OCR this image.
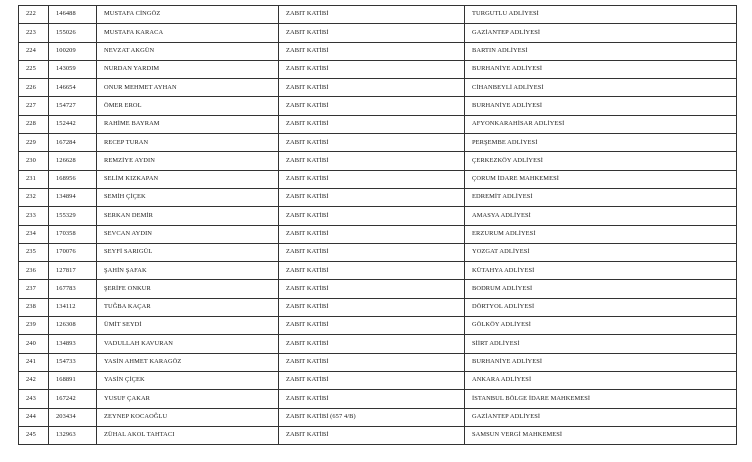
222	146488	MUSTAFA CİNGÖZ	ZABIT KATİBİ	TURGUTLU ADLİYESİ
223	155026	MUSTAFA KARACA	ZABIT KATİBİ	GAZİANTEP ADLİYESİ
224	100209	NEVZAT AKGÜN	ZABIT KATİBİ	BARTIN ADLİYESİ
225	143059	NURDAN YARDIM	ZABIT KATİBİ	BURHANİYE ADLİYESİ
226	146654	ONUR MEHMET AYHAN	ZABIT KATİBİ	CİHANBEYLİ ADLİYESİ
227	154727	ÖMER EROL	ZABIT KATİBİ	BURHANİYE ADLİYESİ
228	152442	RAHİME BAYRAM	ZABIT KATİBİ	AFYONKARAHİSAR ADLİYESİ
229	167284	RECEP TURAN	ZABIT KATİBİ	PERŞEMBE ADLİYESİ
230	126628	REMZİYE AYDIN	ZABIT KATİBİ	ÇERKEZKÖY ADLİYESİ
231	168956	SELİM KIZKAPAN	ZABIT KATİBİ	ÇORUM İDARE MAHKEMESİ
232	134894	SEMİH ÇİÇEK	ZABIT KATİBİ	EDREMİT ADLİYESİ
233	155329	SERKAN DEMİR	ZABIT KATİBİ	AMASYA ADLİYESİ
234	170358	SEVCAN AYDIN	ZABIT KATİBİ	ERZURUM ADLİYESİ
235	170076	SEYFİ SARIGÜL	ZABIT KATİBİ	YOZGAT ADLİYESİ
236	127817	ŞAHİN ŞAFAK	ZABIT KATİBİ	KÜTAHYA ADLİYESİ
237	167783	ŞERİFE ONKUR	ZABIT KATİBİ	BODRUM ADLİYESİ
238	134112	TUĞBA KAÇAR	ZABIT KATİBİ	DÖRTYOL ADLİYESİ
239	126308	ÜMİT SEYDİ	ZABIT KATİBİ	GÖLKÖY ADLİYESİ
240	134893	VADULLAH KAVURAN	ZABIT KATİBİ	SİİRT ADLİYESİ
241	154733	YASİN AHMET KARAGÖZ	ZABIT KATİBİ	BURHANİYE ADLİYESİ
242	168891	YASİN ÇİÇEK	ZABIT KATİBİ	ANKARA ADLİYESİ
243	167242	YUSUF ÇAKAR	ZABIT KATİBİ	İSTANBUL BÖLGE İDARE MAHKEMESİ
244	203434	ZEYNEP KOCAOĞLU	ZABIT KATİBİ (657 4/B)	GAZİANTEP ADLİYESİ
245	132963	ZÜHAL AKOL TAHTACI	ZABIT KATİBİ	SAMSUN VERGİ MAHKEMESİ
